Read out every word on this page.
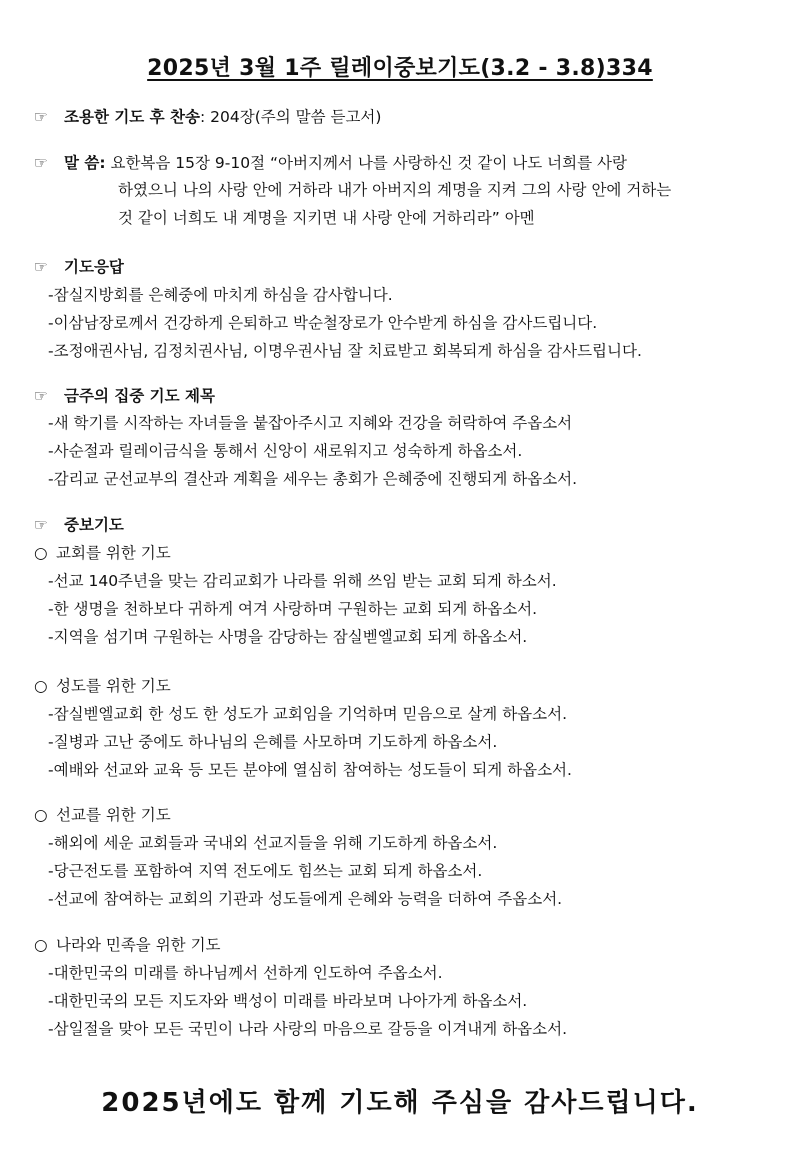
2025년 3월 1주 릴레이중보기도(3.2 - 3.8)334
☞ 조용한 기도 후 찬송: 204장(주의 말씀 듣고서)
☞ 말 씀: 요한복음 15장 9-10절 “아버지께서 나를 사랑하신 것 같이 나도 너희를 사랑
하였으니 나의 사랑 안에 거하라 내가 아버지의 계명을 지켜 그의 사랑 안에 거하는
것 같이 너희도 내 계명을 지키면 내 사랑 안에 거하리라” 아멘
☞ 기도응답
-잠실지방회를 은혜중에 마치게 하심을 감사합니다.
-이삼남장로께서 건강하게 은퇴하고 박순철장로가 안수받게 하심을 감사드립니다.
-조정애권사님, 김정치권사님, 이명우권사님 잘 치료받고 회복되게 하심을 감사드립니다.
☞ 금주의 집중 기도 제목
-새 학기를 시작하는 자녀들을 붙잡아주시고 지혜와 건강을 허락하여 주옵소서
-사순절과 릴레이금식을 통해서 신앙이 새로워지고 성숙하게 하옵소서.
-감리교 군선교부의 결산과 계획을 세우는 총회가 은혜중에 진행되게 하옵소서.
☞ 중보기도
○ 교회를 위한 기도
-선교 140주년을 맞는 감리교회가 나라를 위해 쓰임 받는 교회 되게 하소서.
-한 생명을 천하보다 귀하게 여겨 사랑하며 구원하는 교회 되게 하옵소서.
-지역을 섬기며 구원하는 사명을 감당하는 잠실벧엘교회 되게 하옵소서.
○ 성도를 위한 기도
-잠실벧엘교회 한 성도 한 성도가 교회임을 기억하며 믿음으로 살게 하옵소서.
-질병과 고난 중에도 하나님의 은혜를 사모하며 기도하게 하옵소서.
-예배와 선교와 교육 등 모든 분야에 열심히 참여하는 성도들이 되게 하옵소서.
○ 선교를 위한 기도
-해외에 세운 교회들과 국내외 선교지들을 위해 기도하게 하옵소서.
-당근전도를 포함하여 지역 전도에도 힘쓰는 교회 되게 하옵소서.
-선교에 참여하는 교회의 기관과 성도들에게 은혜와 능력을 더하여 주옵소서.
○ 나라와 민족을 위한 기도
-대한민국의 미래를 하나님께서 선하게 인도하여 주옵소서.
-대한민국의 모든 지도자와 백성이 미래를 바라보며 나아가게 하옵소서.
-삼일절을 맞아 모든 국민이 나라 사랑의 마음으로 갈등을 이겨내게 하옵소서.
2025년에도 함께 기도해 주심을 감사드립니다.
